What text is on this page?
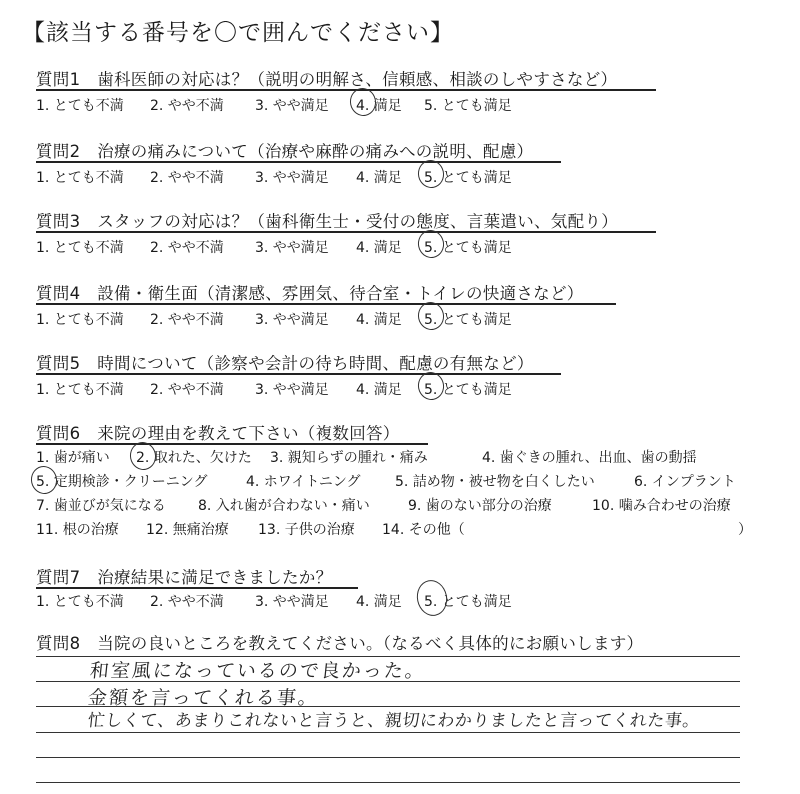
【該当する番号を〇で囲んでください】
質問1　歯科医師の対応は？（説明の明解さ、信頼感、相談のしやすさなど）
1. とても不満 2. やや不満 3. やや満足 4. 満足 5. とても満足
質問2　治療の痛みについて（治療や麻酔の痛みへの説明、配慮）
1. とても不満 2. やや不満 3. やや満足 4. 満足 5. とても満足
質問3　スタッフの対応は？（歯科衛生士・受付の態度、言葉遣い、気配り）
1. とても不満 2. やや不満 3. やや満足 4. 満足 5. とても満足
質問4　設備・衛生面（清潔感、雰囲気、待合室・トイレの快適さなど）
1. とても不満 2. やや不満 3. やや満足 4. 満足 5. とても満足
質問5　時間について（診察や会計の待ち時間、配慮の有無など）
1. とても不満 2. やや不満 3. やや満足 4. 満足 5. とても満足
質問6　来院の理由を教えて下さい（複数回答）
1. 歯が痛い 2. 取れた、欠けた 3. 親知らずの腫れ・痛み	4. 歯ぐきの腫れ、出血、歯の動揺
5. 定期検診・クリーニング	4. ホワイトニング 5. 詰め物・被せ物を白くしたい	6. インプラント
7. 歯並びが気になる 8. 入れ歯が合わない・痛い	9. 歯のない部分の治療	10. 噛み合わせの治療
11. 根の治療 12. 無痛治療 13. 子供の治療 14. その他（	）
質問7　治療結果に満足できましたか？
1. とても不満 2. やや不満 3. やや満足 4. 満足 5. とても満足
質問8　当院の良いところを教えてください。（なるべく具体的にお願いします）
和室風になっているので良かった。
金額を言ってくれる事。
忙しくて、あまりこれないと言うと、親切にわかりましたと言ってくれた事。
